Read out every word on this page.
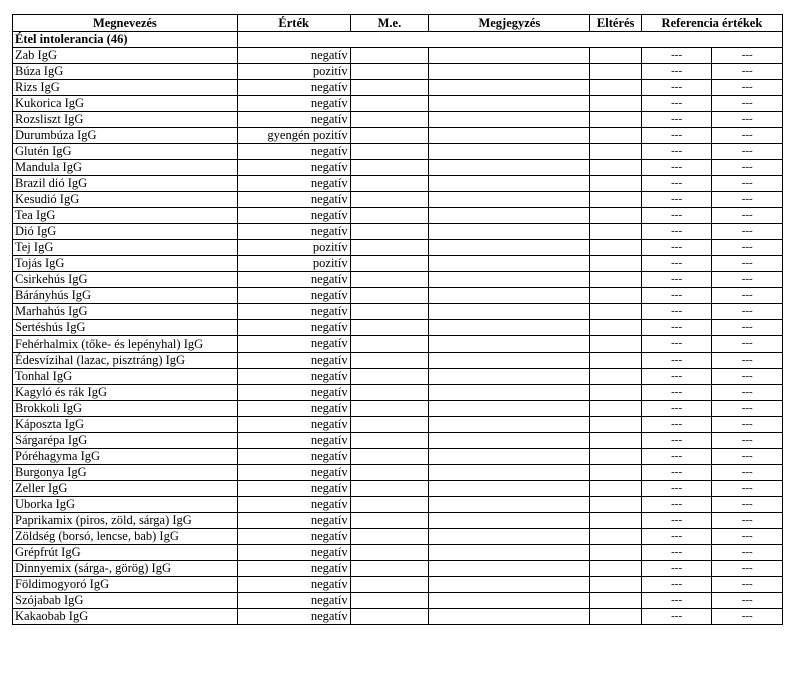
Megnevezés	Érték	M.e.	Megjegyzés	Eltérés	Referencia értékek	
Étel intolerancia (46)						
Zab IgG	negatív				---	---
Búza IgG	pozitív				---	---
Rizs IgG	negatív				---	---
Kukorica IgG	negatív				---	---
Rozsliszt IgG	negatív				---	---
Durumbúza IgG	gyengén pozitív				---	---
Glutén IgG	negatív				---	---
Mandula IgG	negatív				---	---
Brazil dió IgG	negatív				---	---
Kesudió IgG	negatív				---	---
Tea IgG	negatív				---	---
Dió IgG	negatív				---	---
Tej IgG	pozitív				---	---
Tojás IgG	pozitív				---	---
Csirkehús IgG	negatív				---	---
Bárányhús IgG	negatív				---	---
Marhahús IgG	negatív				---	---
Sertéshús IgG	negatív				---	---
Fehérhalmix (tőke- és lepényhal) IgG	negatív				---	---
Édesvízihal (lazac, pisztráng) IgG	negatív				---	---
Tonhal IgG	negatív				---	---
Kagyló és rák IgG	negatív				---	---
Brokkoli IgG	negatív				---	---
Káposzta IgG	negatív				---	---
Sárgarépa IgG	negatív				---	---
Póréhagyma IgG	negatív				---	---
Burgonya IgG	negatív				---	---
Zeller IgG	negatív				---	---
Uborka IgG	negatív				---	---
Paprikamix (piros, zöld, sárga) IgG	negatív				---	---
Zöldség (borsó, lencse, bab) IgG	negatív				---	---
Grépfrút IgG	negatív				---	---
Dinnyemix (sárga-, görög) IgG	negatív				---	---
Földimogyoró IgG	negatív				---	---
Szójabab IgG	negatív				---	---
Kakaobab IgG	negatív				---	---
